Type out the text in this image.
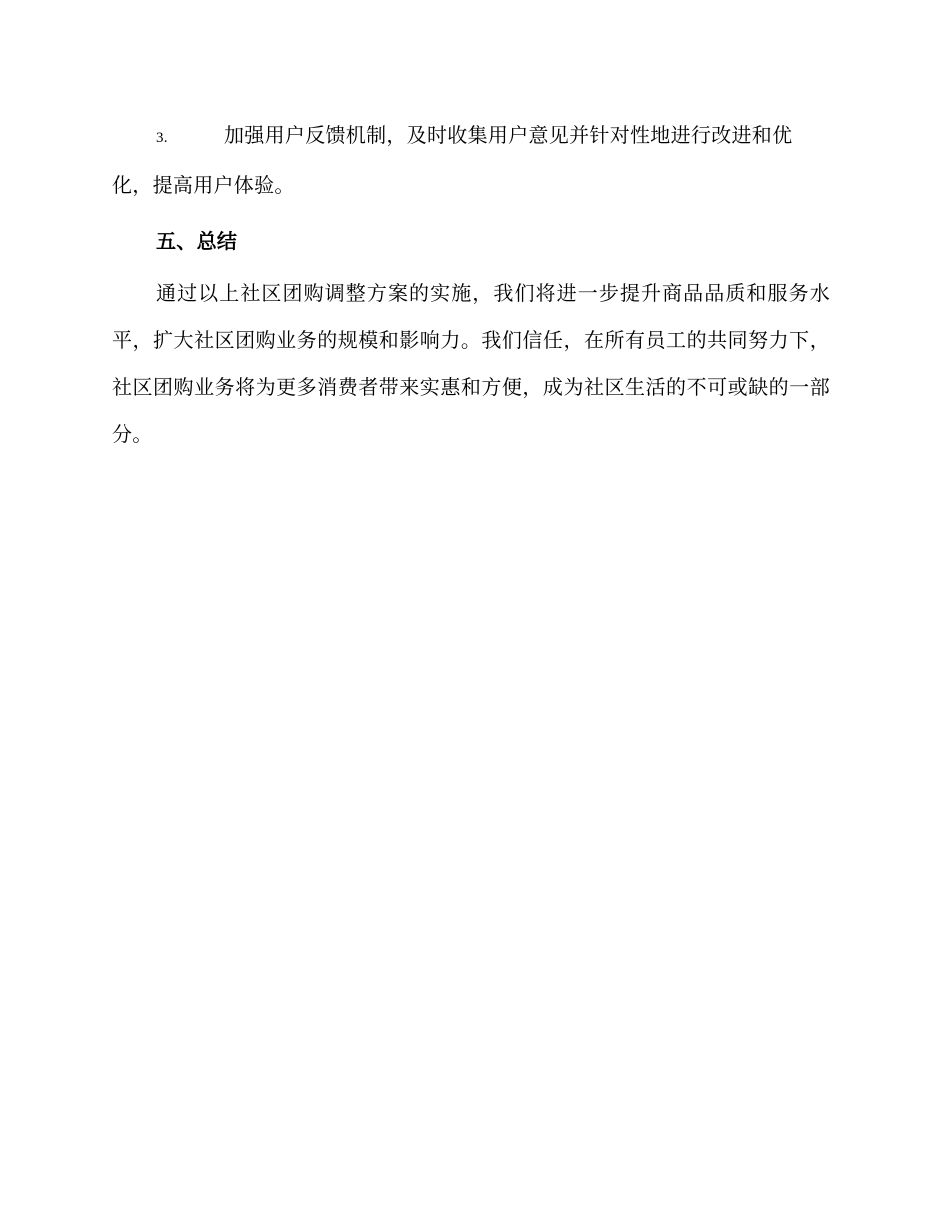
3.	加强用户反馈机制，及时收集用户意见并针对性地进行改进和优化，提高用户体验。

五、总结

通过以上社区团购调整方案的实施，我们将进一步提升商品品质和服务水平，扩大社区团购业务的规模和影响力。我们信任，在所有员工的共同努力下，社区团购业务将为更多消费者带来实惠和方便，成为社区生活的不可或缺的一部分。
